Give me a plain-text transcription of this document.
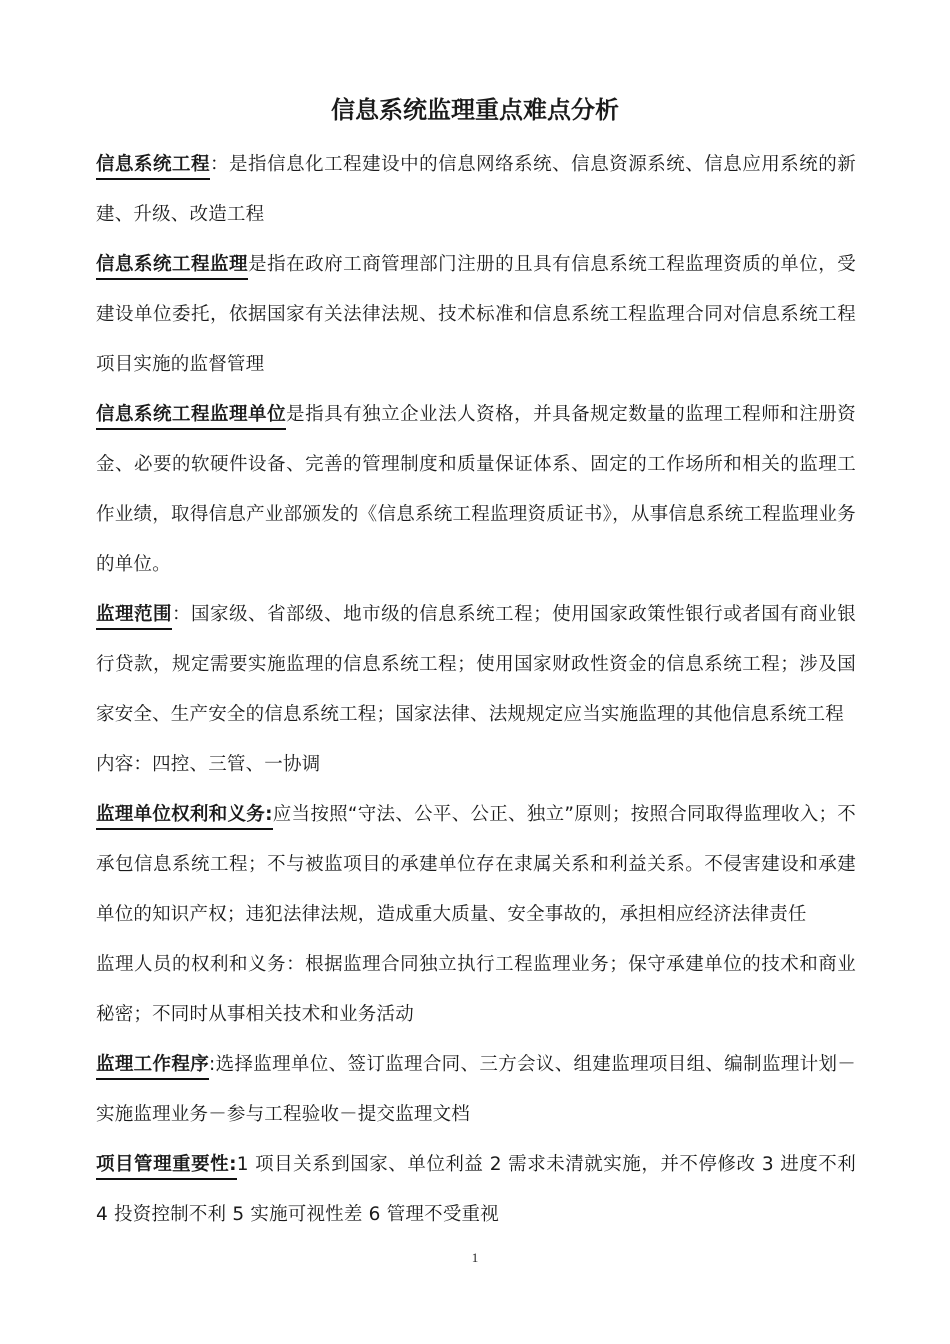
信息系统监理重点难点分析

信息系统工程：是指信息化工程建设中的信息网络系统、信息资源系统、信息应用系统的新建、升级、改造工程

信息系统工程监理是指在政府工商管理部门注册的且具有信息系统工程监理资质的单位，受建设单位委托，依据国家有关法律法规、技术标准和信息系统工程监理合同对信息系统工程项目实施的监督管理

信息系统工程监理单位是指具有独立企业法人资格，并具备规定数量的监理工程师和注册资金、必要的软硬件设备、完善的管理制度和质量保证体系、固定的工作场所和相关的监理工作业绩，取得信息产业部颁发的《信息系统工程监理资质证书》，从事信息系统工程监理业务的单位。

监理范围：国家级、省部级、地市级的信息系统工程；使用国家政策性银行或者国有商业银行贷款，规定需要实施监理的信息系统工程；使用国家财政性资金的信息系统工程；涉及国家安全、生产安全的信息系统工程；国家法律、法规规定应当实施监理的其他信息系统工程

内容：四控、三管、一协调

监理单位权利和义务:应当按照“守法、公平、公正、独立”原则；按照合同取得监理收入；不承包信息系统工程；不与被监项目的承建单位存在隶属关系和利益关系。不侵害建设和承建单位的知识产权；违犯法律法规，造成重大质量、安全事故的，承担相应经济法律责任

监理人员的权利和义务：根据监理合同独立执行工程监理业务；保守承建单位的技术和商业秘密；不同时从事相关技术和业务活动

监理工作程序:选择监理单位、签订监理合同、三方会议、组建监理项目组、编制监理计划－实施监理业务－参与工程验收－提交监理文档

项目管理重要性:1 项目关系到国家、单位利益 2 需求未清就实施，并不停修改 3 进度不利 4 投资控制不利 5 实施可视性差 6 管理不受重视

1
